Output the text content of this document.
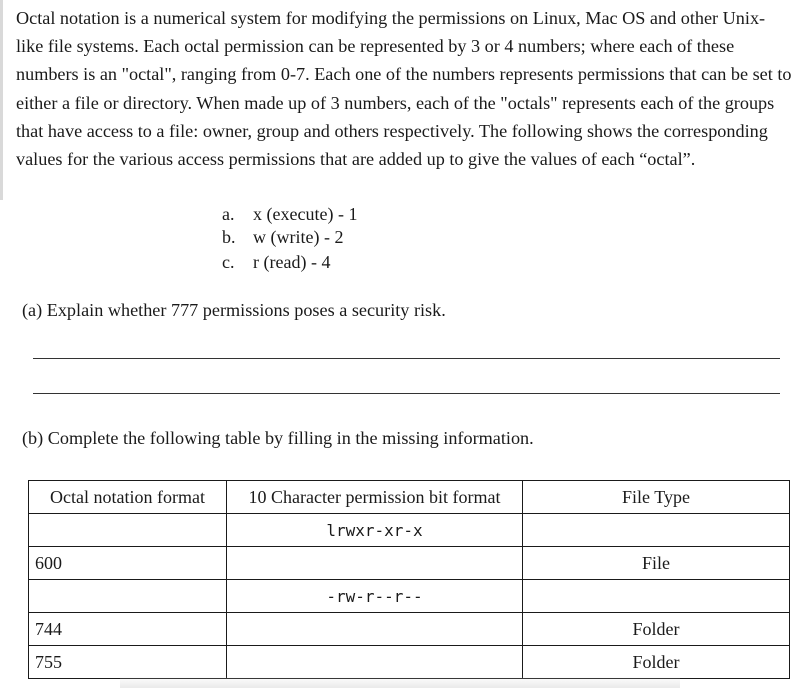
Octal notation is a numerical system for modifying the permissions on Linux, Mac OS and other Unix-like file systems. Each octal permission can be represented by 3 or 4 numbers; where each of these numbers is an "octal", ranging from 0-7. Each one of the numbers represents permissions that can be set to either a file or directory. When made up of 3 numbers, each of the "octals" represents each of the groups that have access to a file: owner, group and others respectively. The following shows the corresponding values for the various access permissions that are added up to give the values of each “octal”.

a. x (execute) - 1
b. w (write) - 2
c. r (read) - 4

(a) Explain whether 777 permissions poses a security risk.

(b) Complete the following table by filling in the missing information.

Octal notation format	10 Character permission bit format	File Type
	lrwxr-xr-x	
600		File
	-rw-r--r--	
744		Folder
755		Folder
